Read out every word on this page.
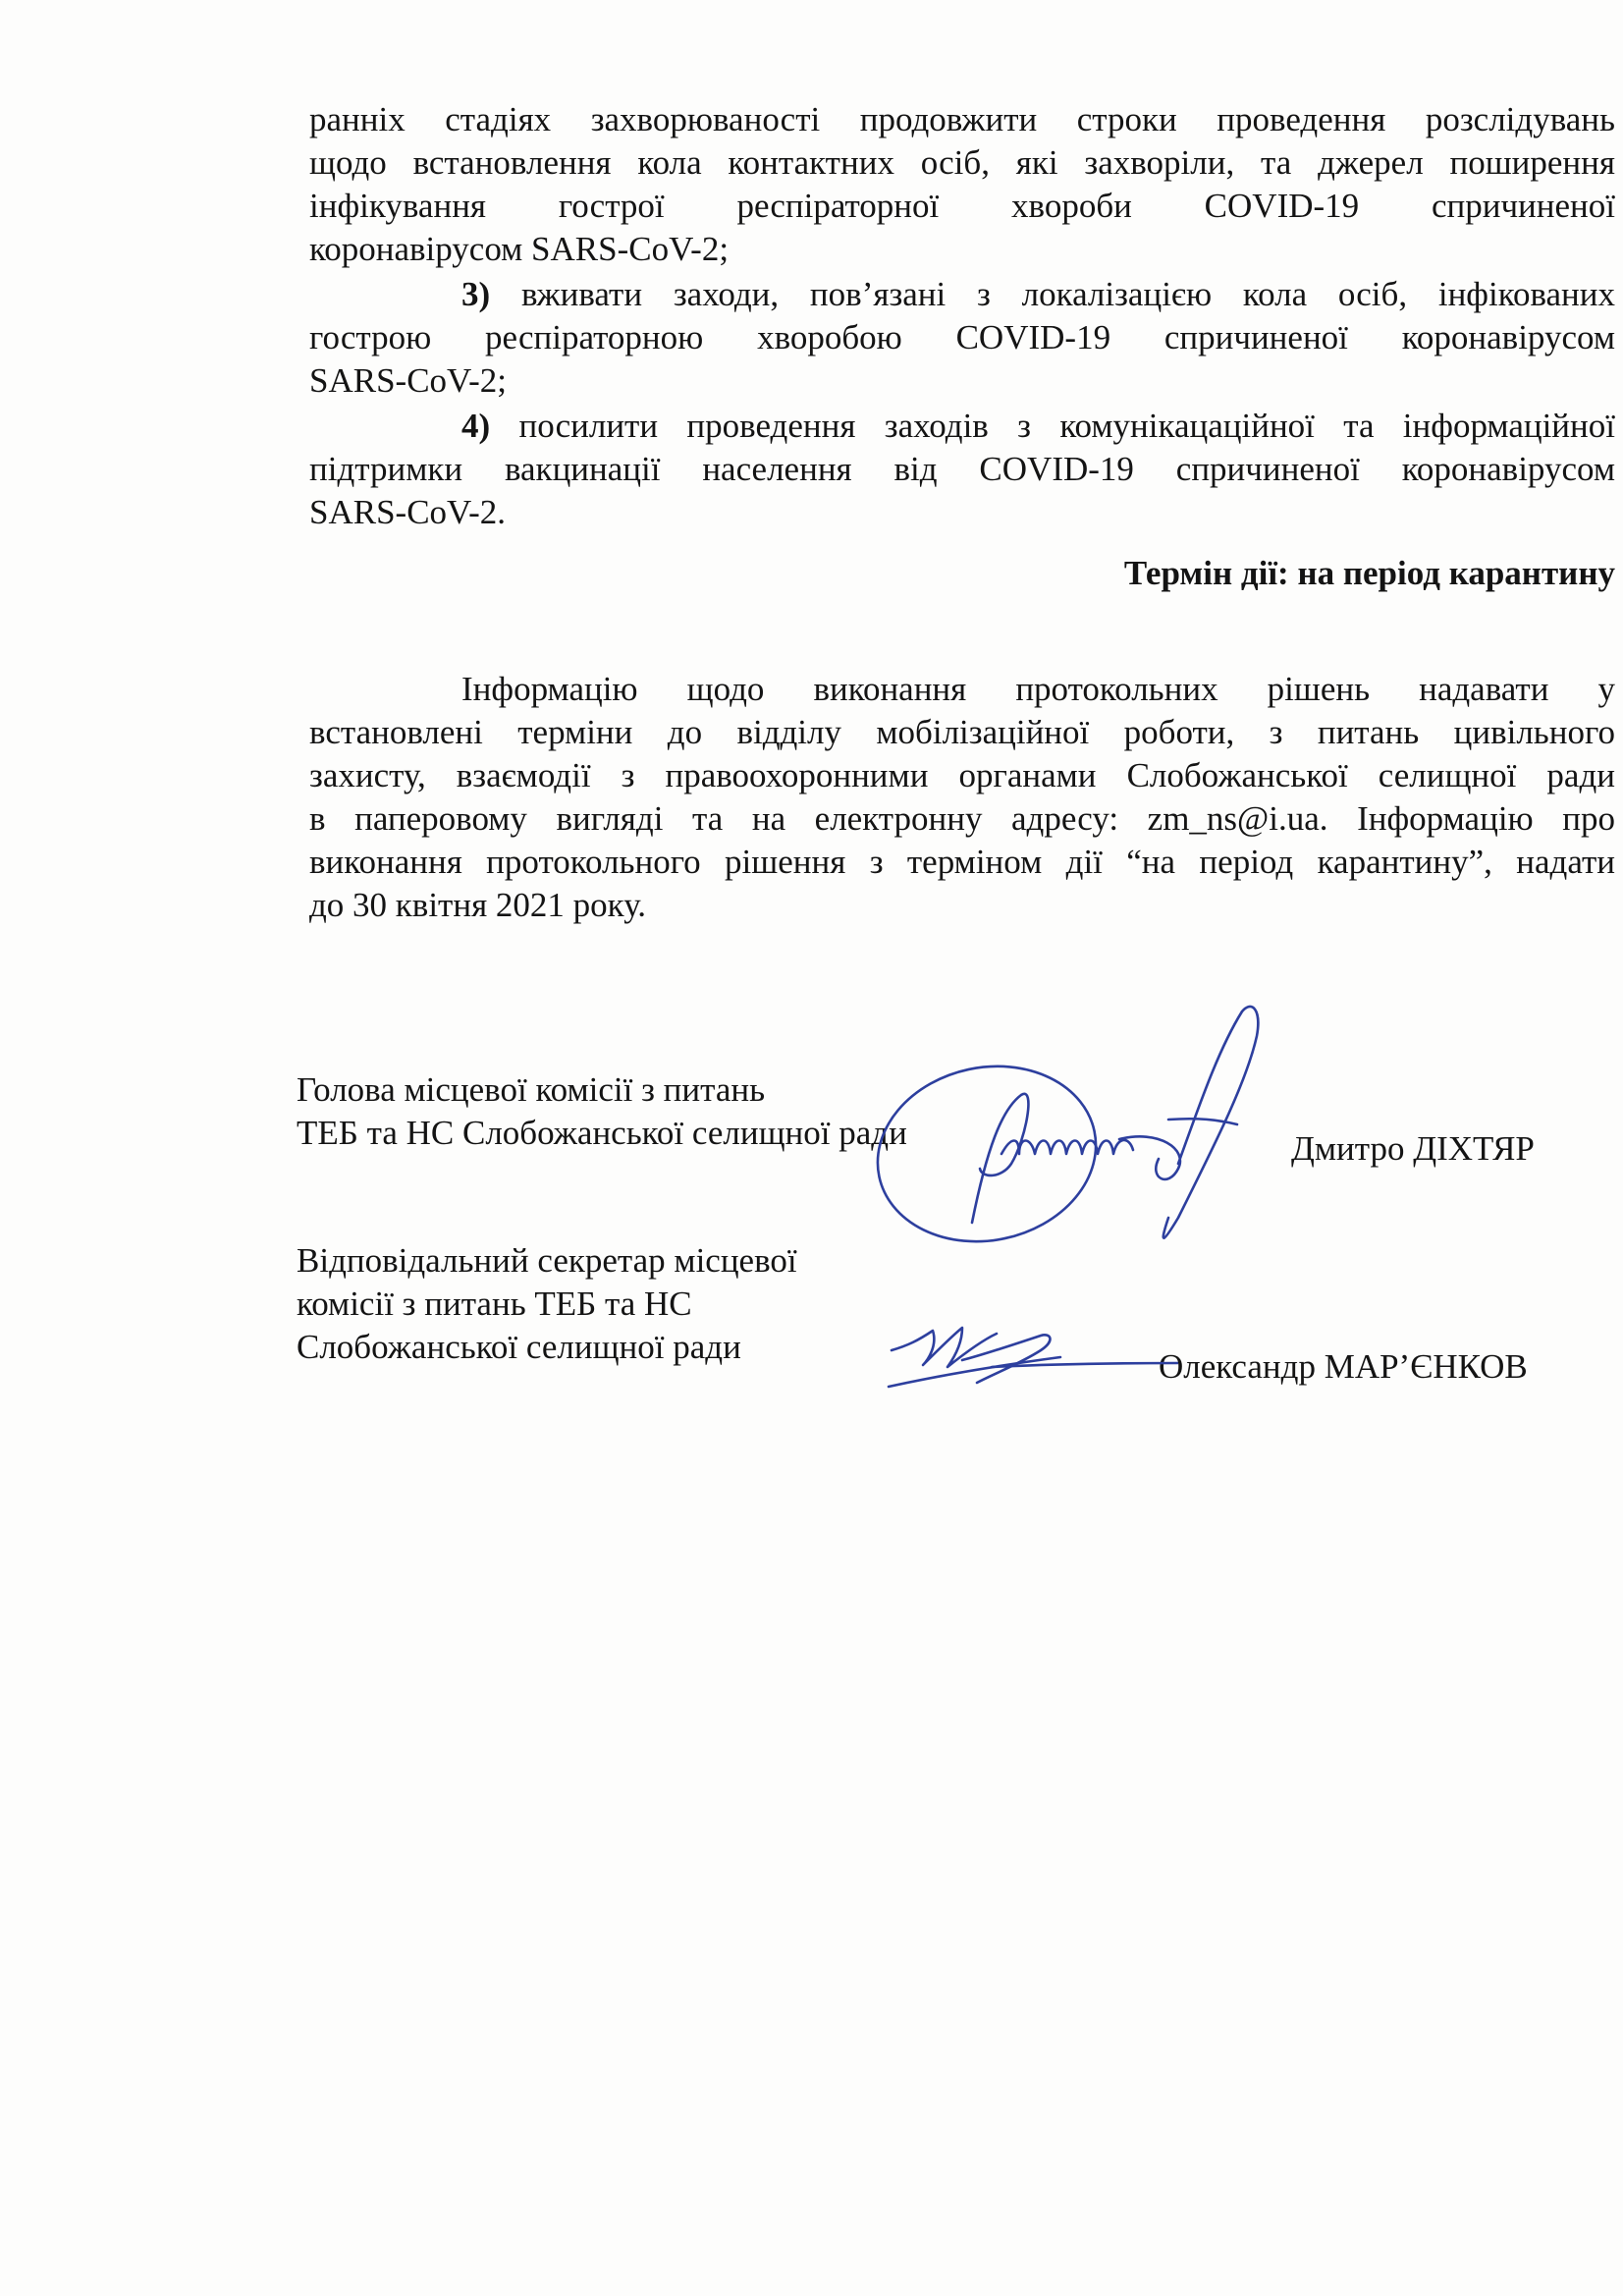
ранніх стадіях захворюваності продовжити строки проведення розслідувань
щодо встановлення кола контактних осіб, які захворіли, та джерел поширення
інфікування гострої респіраторної хвороби COVID-19 спричиненої
коронавірусом SARS-CoV-2;
3) вживати заходи, пов’язані з локалізацією кола осіб, інфікованих
гострою респіраторною хворобою COVID-19 спричиненої коронавірусом
SARS-CoV-2;
4) посилити проведення заходів з комунікацаційної та інформаційної
підтримки вакцинації населення від COVID-19 спричиненої коронавірусом
SARS-CoV-2.
Термін дії: на період карантину
Інформацію щодо виконання протокольних рішень надавати у
встановлені терміни до відділу мобілізаційної роботи, з питань цивільного
захисту, взаємодії з правоохоронними органами Слобожанської селищної ради
в паперовому вигляді та на електронну адресу: zm_ns@i.ua. Інформацію про
виконання протокольного рішення з терміном дії “на період карантину”, надати
до 30 квітня 2021 року.
Голова місцевої комісії з питань
ТЕБ та НС Слобожанської селищної ради	Дмитро ДІХТЯР
Відповідальний секретар місцевої
комісії з питань ТЕБ та НС
Слобожанської селищної ради
Олександр МАР’ЄНКОВ
